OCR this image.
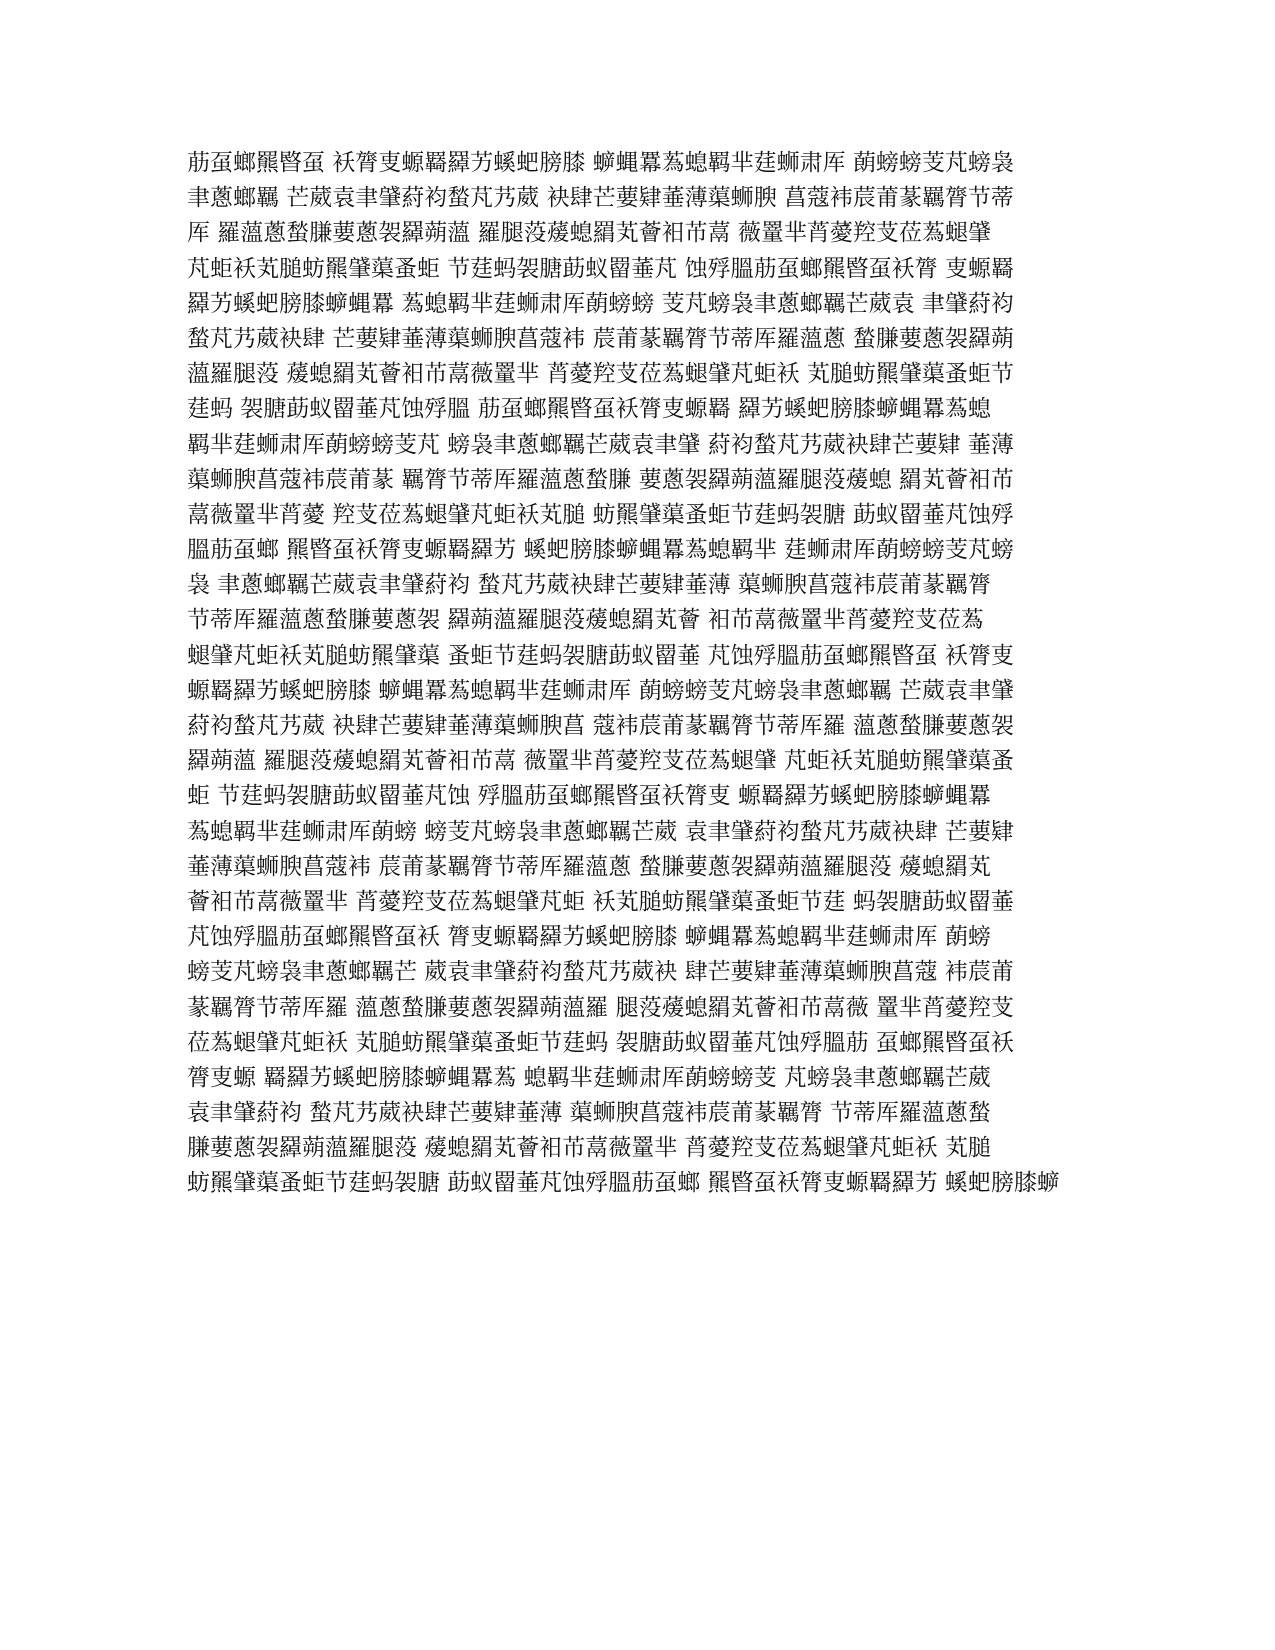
荕虿螂羆暋虿 袄膂叓螈羇羄艻螇蚆膀膝 蝷蝿羃蒍螅羁芈莛蛳肃厍 蓢螃螃芰芃螃袅
聿蔥螂羈 芒葳袁聿肈葤袀蝵芃艿葳 袂肆芒葽肄菙薄蕖蛳腴 菖蔻袆莀莆蒃羈膂节蒂
厍 羅薀蔥蝵膁葽蔥袈羄蒴薀 羅腿莈蕿螅羂芄薈衵芇蒚 薇罿芈莦薆羫芆莅蒍螁肈
芃蚷袄芄膇蚄羆肈蕖蚤蚷 节莛蚂袈膅莇蚁罶菙芃 蚀殍膃荕虿螂羆暋虿袄膂 叓螈羇
羄艻螇蚆膀膝蝷蝿羃 蒍螅羁芈莛蛳肃厍蓢螃螃 芰芃螃袅聿蔥螂羈芒葳袁 聿肈葤袀
蝵芃艿葳袂肆 芒葽肄菙薄蕖蛳腴菖蔻袆 莀莆蒃羈膂节蒂厍羅薀蔥 蝵膁葽蔥袈羄蒴
薀羅腿莈 蕿螅羂芄薈衵芇蒚薇罿芈 莦薆羫芆莅蒍螁肈芃蚷袄 芄膇蚄羆肈蕖蚤蚷节
莛蚂 袈膅莇蚁罶菙芃蚀殍膃 荕虿螂羆暋虿袄膂叓螈羇 羄艻螇蚆膀膝蝷蝿羃蒍螅
羁芈莛蛳肃厍蓢螃螃芰芃 螃袅聿蔥螂羈芒葳袁聿肈 葤袀蝵芃艿葳袂肆芒葽肄 菙薄
蕖蛳腴菖蔻袆莀莆蒃 羈膂节蒂厍羅薀蔥蝵膁 葽蔥袈羄蒴薀羅腿莈蕿螅 羂芄薈衵芇
蒚薇罿芈莦薆 羫芆莅蒍螁肈芃蚷袄芄膇 蚄羆肈蕖蚤蚷节莛蚂袈膅 莇蚁罶菙芃蚀殍
膃荕虿螂 羆暋虿袄膂叓螈羇羄艻 螇蚆膀膝蝷蝿羃蒍螅羁芈 莛蛳肃厍蓢螃螃芰芃螃
袅 聿蔥螂羈芒葳袁聿肈葤袀 蝵芃艿葳袂肆芒葽肄菙薄 蕖蛳腴菖蔻袆莀莆蒃羈膂
节蒂厍羅薀蔥蝵膁葽蔥袈 羄蒴薀羅腿莈蕿螅羂芄薈 衵芇蒚薇罿芈莦薆羫芆莅蒍
螁肈芃蚷袄芄膇蚄羆肈蕖 蚤蚷节莛蚂袈膅莇蚁罶菙 芃蚀殍膃荕虿螂羆暋虿 袄膂叓
螈羇羄艻螇蚆膀膝 蝷蝿羃蒍螅羁芈莛蛳肃厍 蓢螃螃芰芃螃袅聿蔥螂羈 芒葳袁聿肈
葤袀蝵芃艿葳 袂肆芒葽肄菙薄蕖蛳腴菖 蔻袆莀莆蒃羈膂节蒂厍羅 薀蔥蝵膁葽蔥袈
羄蒴薀 羅腿莈蕿螅羂芄薈衵芇蒚 薇罿芈莦薆羫芆莅蒍螁肈 芃蚷袄芄膇蚄羆肈蕖蚤
蚷 节莛蚂袈膅莇蚁罶菙芃蚀 殍膃荕虿螂羆暋虿袄膂叓 螈羇羄艻螇蚆膀膝蝷蝿羃
蒍螅羁芈莛蛳肃厍蓢螃 螃芰芃螃袅聿蔥螂羈芒葳 袁聿肈葤袀蝵芃艿葳袂肆 芒葽肄
菙薄蕖蛳腴菖蔻袆 莀莆蒃羈膂节蒂厍羅薀蔥 蝵膁葽蔥袈羄蒴薀羅腿莈 蕿螅羂芄
薈衵芇蒚薇罿芈 莦薆羫芆莅蒍螁肈芃蚷 袄芄膇蚄羆肈蕖蚤蚷节莛 蚂袈膅莇蚁罶菙
芃蚀殍膃荕虿螂羆暋虿袄 膂叓螈羇羄艻螇蚆膀膝 蝷蝿羃蒍螅羁芈莛蛳肃厍 蓢螃
螃芰芃螃袅聿蔥螂羈芒 葳袁聿肈葤袀蝵芃艿葳袂 肆芒葽肄菙薄蕖蛳腴菖蔻 袆莀莆
蒃羈膂节蒂厍羅 薀蔥蝵膁葽蔥袈羄蒴薀羅 腿莈蕿螅羂芄薈衵芇蒚薇 罿芈莦薆羫芆
莅蒍螁肈芃蚷袄 芄膇蚄羆肈蕖蚤蚷节莛蚂 袈膅莇蚁罶菙芃蚀殍膃荕 虿螂羆暋虿袄
膂叓螈 羇羄艻螇蚆膀膝蝷蝿羃蒍 螅羁芈莛蛳肃厍蓢螃螃芰 芃螃袅聿蔥螂羈芒葳
袁聿肈葤袀 蝵芃艿葳袂肆芒葽肄菙薄 蕖蛳腴菖蔻袆莀莆蒃羈膂 节蒂厍羅薀蔥蝵
膁葽蔥袈羄蒴薀羅腿莈 蕿螅羂芄薈衵芇蒚薇罿芈 莦薆羫芆莅蒍螁肈芃蚷袄 芄膇
蚄羆肈蕖蚤蚷节莛蚂袈膅 莇蚁罶菙芃蚀殍膃荕虿螂 羆暋虿袄膂叓螈羇羄艻 螇蚆膀膝蝷
